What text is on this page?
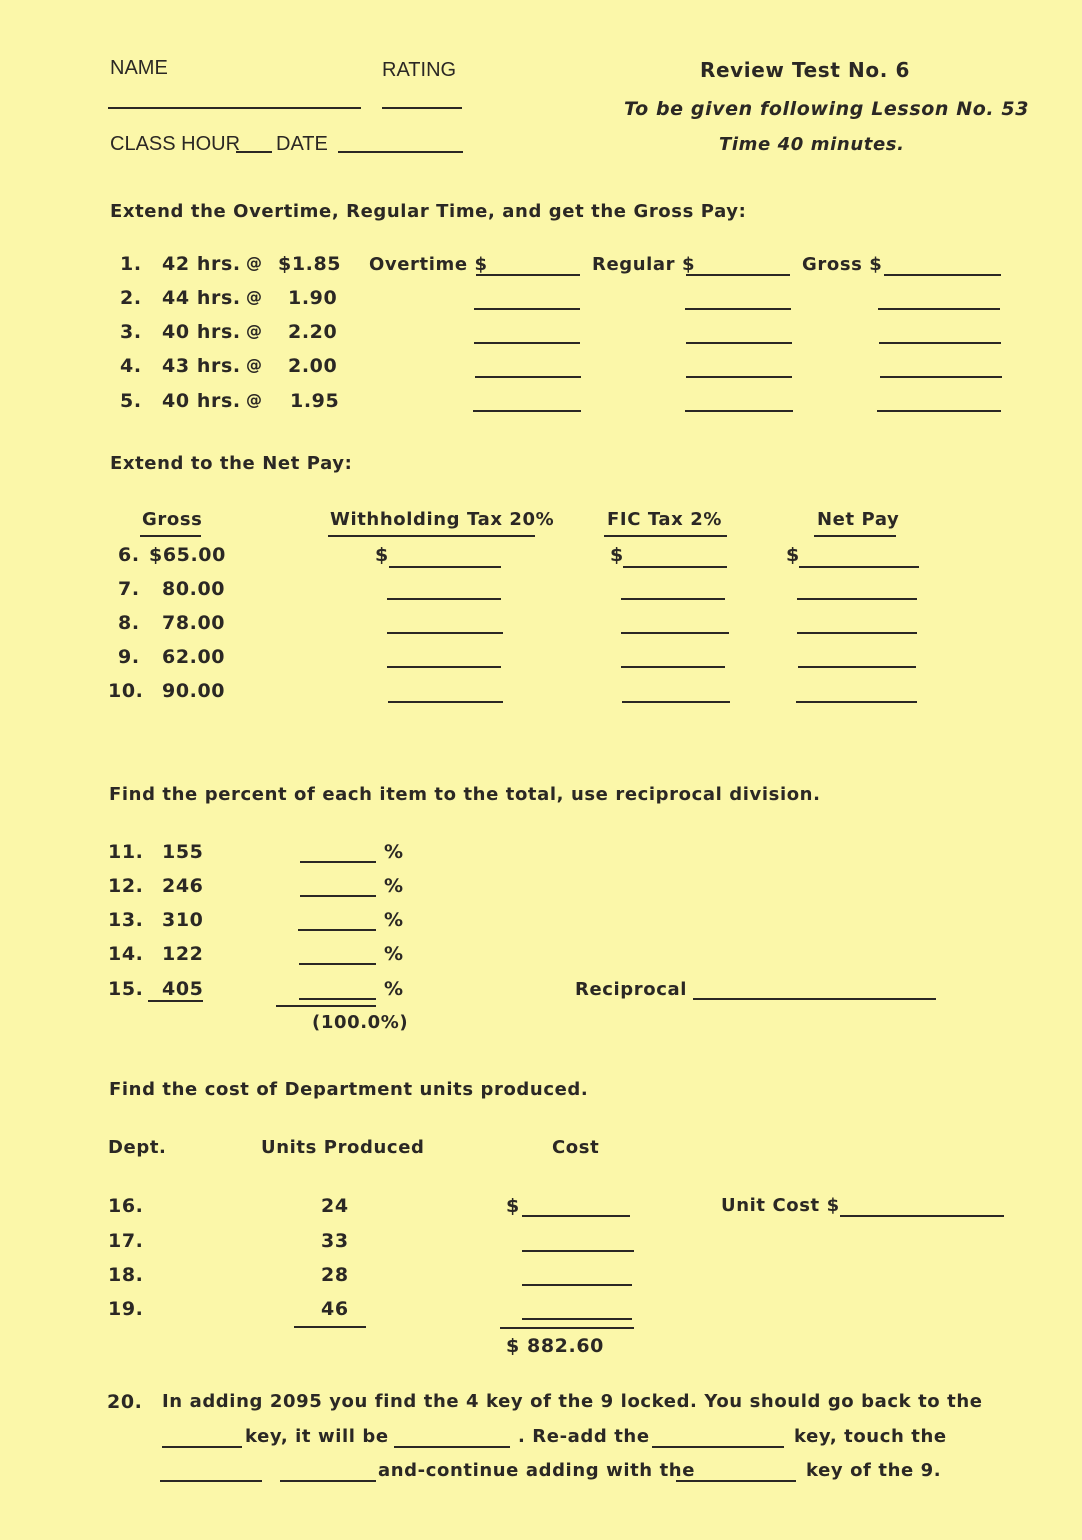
NAME	RATING
CLASS HOUR DATE
Review Test No. 6
To be given following Lesson No. 53
Time 40 minutes.
Extend the Overtime, Regular Time, and get the Gross Pay:
1. 42 hrs. @ $1.85 Overtime $	Regular $	Gross $
2. 44 hrs. @ 1.90
3. 40 hrs. @ 2.20
4. 43 hrs. @ 2.00
5. 40 hrs. @ 1.95
Extend to the Net Pay:
Gross	Withholding Tax 20%	FIC Tax 2%	Net Pay
6. $65.00	$	$	$
7. 80.00
8. 78.00
9. 62.00
10. 90.00
Find the percent of each item to the total, use reciprocal division.
11. 155	%
12. 246	%
13. 310	%
14. 122	%
15. 405	%
(100.0%)
Reciprocal
Find the cost of Department units produced.
Dept.	Units Produced	Cost
16.	24	$	Unit Cost $
17.	33
18.	28
19.	46
$ 882.60
20. In adding 2095 you find the 4 key of the 9 locked. You should go back to the
key, it will be	. Re-add the	key, touch the
and-continue adding with the	key of the 9.
